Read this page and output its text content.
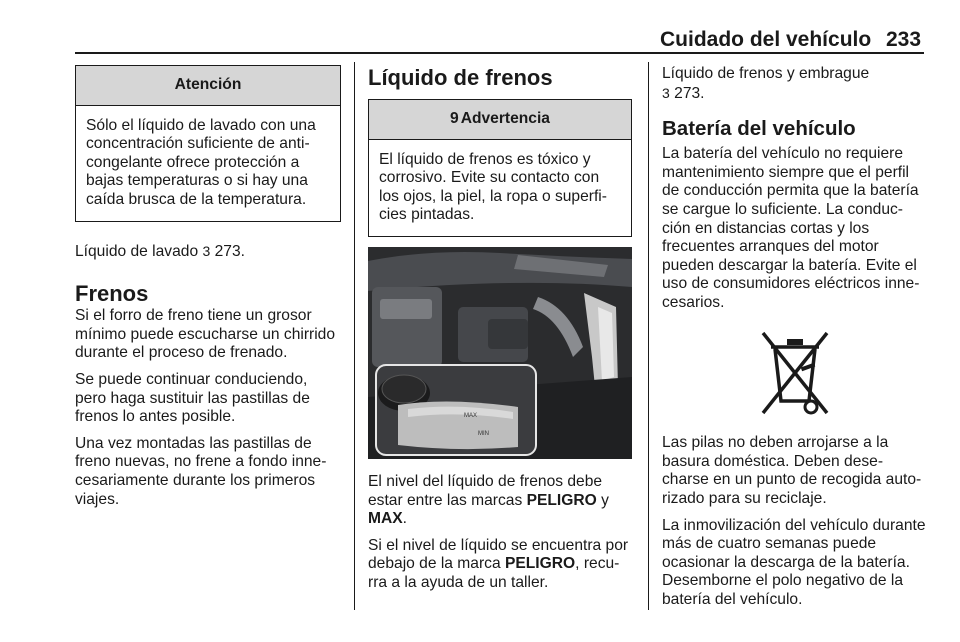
Cuidado del vehículo 233
Atención
Sólo el líquido de lavado con una concentración suficiente de anti-congelante ofrece protección a bajas temperaturas o si hay una caída brusca de la temperatura.

Líquido de lavado 3 273.

Frenos

Si el forro de freno tiene un grosor mínimo puede escucharse un chirrido durante el proceso de frenado.

Se puede continuar conduciendo, pero haga sustituir las pastillas de frenos lo antes posible.

Una vez montadas las pastillas de freno nuevas, no frene a fondo inne-cesariamente durante los primeros viajes.

Líquido de frenos
9 Advertencia
El líquido de frenos es tóxico y corrosivo. Evite su contacto con los ojos, la piel, la ropa o superfi-cies pintadas.
MAX
MIN

El nivel del líquido de frenos debe estar entre las marcas PELIGRO y MAX.

Si el nivel de líquido se encuentra por debajo de la marca PELIGRO, recu-rra a la ayuda de un taller.

Líquido de frenos y embrague
3 273.

Batería del vehículo

La batería del vehículo no requiere mantenimiento siempre que el perfil de conducción permita que la batería se cargue lo suficiente. La conduc-ción en distancias cortas y los frecuentes arranques del motor pueden descargar la batería. Evite el uso de consumidores eléctricos inne-cesarios.

Las pilas no deben arrojarse a la basura doméstica. Deben dese-charse en un punto de recogida auto-rizado para su reciclaje.

La inmovilización del vehículo durante más de cuatro semanas puede ocasionar la descarga de la batería. Desemborne el polo negativo de la batería del vehículo.
